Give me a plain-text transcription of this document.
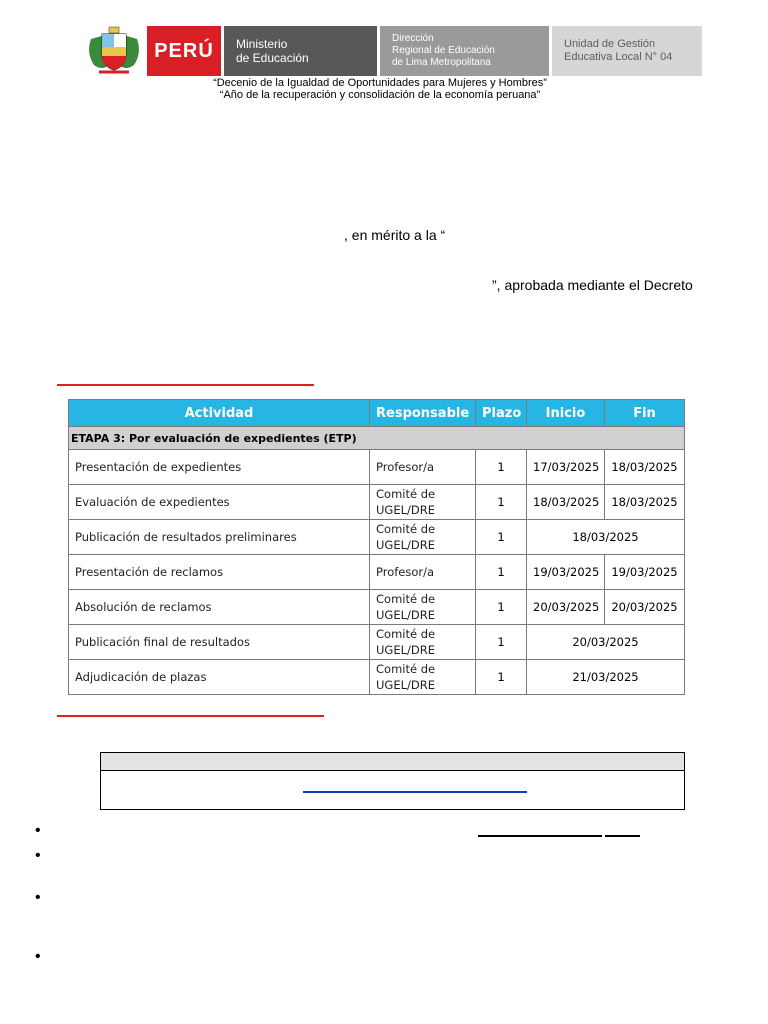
PERÚ	Ministerio
de Educación
Dirección
Regional de Educación
de Lima Metropolitana
Unidad de Gestión
Educativa Local N° 04
“Decenio de la Igualdad de Oportunidades para Mujeres y Hombres”
“Año de la recuperación y consolidación de la economía peruana”
, en mérito a la “
”, aprobada mediante el Decreto
Actividad	Responsable	Plazo	Inicio	Fin
ETAPA 3: Por evaluación de expedientes (ETP)				
Presentación de expedientes	Profesor/a	1	17/03/2025	18/03/2025
Evaluación de expedientes	Comité de
UGEL/DRE	1	18/03/2025	18/03/2025
Publicación de resultados preliminares	Comité de
UGEL/DRE	1	18/03/2025	
Presentación de reclamos	Profesor/a	1	19/03/2025	19/03/2025
Absolución de reclamos	Comité de
UGEL/DRE	1	20/03/2025	20/03/2025
Publicación final de resultados	Comité de
UGEL/DRE	1	20/03/2025	
Adjudicación de plazas	Comité de
UGEL/DRE	1	21/03/2025	
•
•
•
•
